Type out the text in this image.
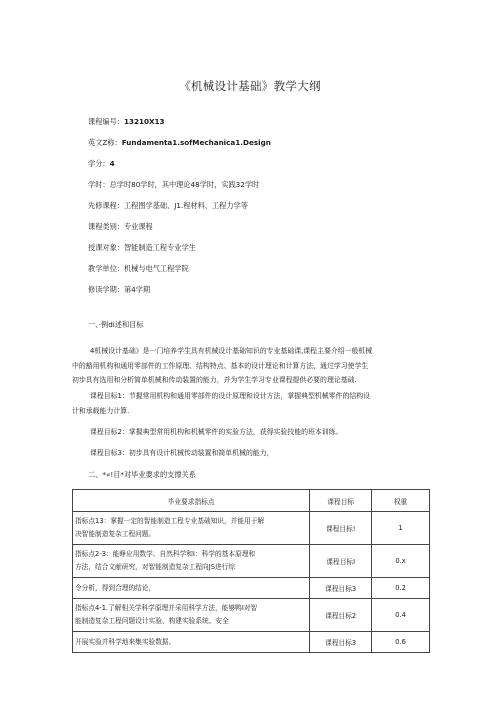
《机械设计基础》教学大纲
课程编号：13210X13
英文Z称：Fundamenta1.sofMechanica1.Design
学分：4
学时：总学时80学时，其中理论48学时，实践32学时
先修课程：工程图学基础、J1.程材料、工程力学等
课程类别：专业课程
授课对象：智能制造工程专业学生
教学单位：机械与电气工程学院
修读学期：第4学期
一、·例di述和目标
4机械设计基础》是一门培养学生具有机械设计基础知识的专业基础课,课程主要介绍一般机械
中的豁用机构和通用零部件的工作原理、结构特点、基本的设计理论和计算方法，通过学习使学生
初步具有选用和分析简单机械和传动装置的能力，并为学生学习专业课程提供必要的理论基础.
课程目标1：节握常用机构和通用零部件的设计原理和设计方法，掌握典型机械零件的结构设
计和承载能力计算.
课程目标2：掌握典型常用机构和机械零件的实验方法，获得实验技能的班本训练。
课程目标3：初步具有设计机械传动装置和简单机械的能力，
二、*«!目*对毕业要求的支撑关系
毕业要求指标点	课程目标	权重

指标点13：掌握一定的智能制造工程专业基础知识，并能用于解
决智能制造复杂工程问题。	课程目标!	1

指标点2-3：能睁应用数学、自然科学和I：科学的基本原理和
方法，结合文献研究，对智能制造复杂工程向JS进行综	课程目标I	0.x

令分析，得到合理的结论，	课程目标3	0.2

指标点4-1.了解相关学科学原理并采用科学方法，能够鸭I对智
能制造复杂工程问题设计实验、构建实验系统、安全	课程目标2	0.4

开展实验并科学地来集实验数据。	课程目标3	0.6
